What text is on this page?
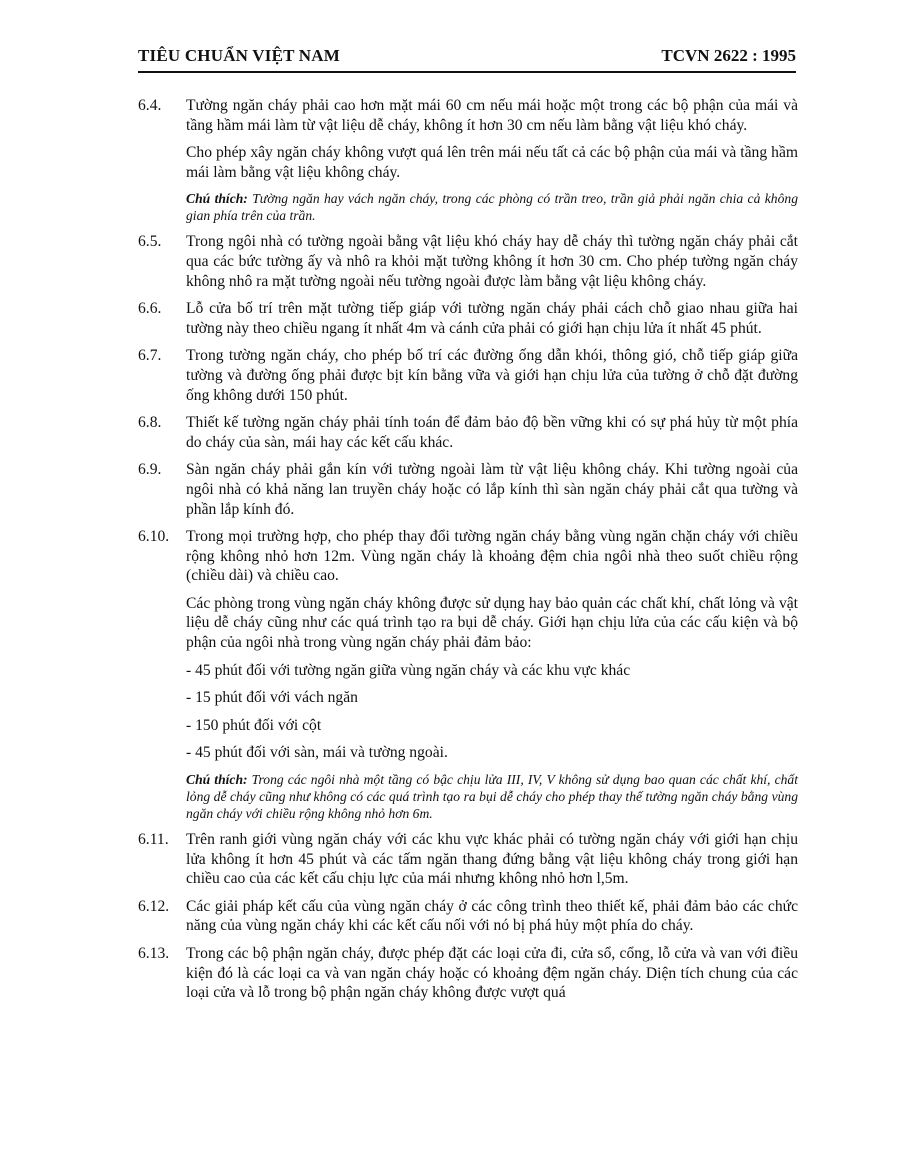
TIÊU CHUẨN VIỆT NAM	TCVN 2622 : 1995
6.4.	Tường ngăn cháy phải cao hơn mặt mái 60 cm nếu mái hoặc một trong các bộ phận của mái và tầng hầm mái làm từ vật liệu dễ cháy, không ít hơn 30 cm nếu làm bằng vật liệu khó cháy.

Cho phép xây ngăn cháy không vượt quá lên trên mái nếu tất cả các bộ phận của mái và tầng hầm mái làm bằng vật liệu không cháy.

Chú thích: Tường ngăn hay vách ngăn cháy, trong các phòng có trần treo, trần giả phải ngăn chia cả không gian phía trên của trần.

6.5.	Trong ngôi nhà có tường ngoài bằng vật liệu khó cháy hay dễ cháy thì tường ngăn cháy phải cắt qua các bức tường ấy và nhô ra khỏi mặt tường không ít hơn 30 cm. Cho phép tường ngăn cháy không nhô ra mặt tường ngoài nếu tường ngoài được làm bằng vật liệu không cháy.

6.6.	Lỗ cửa bố trí trên mặt tường tiếp giáp với tường ngăn cháy phải cách chỗ giao nhau giữa hai tường này theo chiều ngang ít nhất 4m và cánh cửa phải có giới hạn chịu lửa ít nhất 45 phút.

6.7.	Trong tường ngăn cháy, cho phép bố trí các đường ống dẫn khói, thông gió, chỗ tiếp giáp giữa tường và đường ống phải được bịt kín bằng vữa và giới hạn chịu lửa của tường ở chỗ đặt đường ống không dưới 150 phút.

6.8.	Thiết kế tường ngăn cháy phải tính toán để đảm bảo độ bền vững khi có sự phá hủy từ một phía do cháy của sàn, mái hay các kết cấu khác.

6.9.	Sàn ngăn cháy phải gắn kín với tường ngoài làm từ vật liệu không cháy. Khi tường ngoài của ngôi nhà có khả năng lan truyền cháy hoặc có lắp kính thì sàn ngăn cháy phải cắt qua tường và phần lắp kính đó.

6.10.	Trong mọi trường hợp, cho phép thay đổi tường ngăn cháy bằng vùng ngăn chặn cháy với chiều rộng không nhỏ hơn 12m. Vùng ngăn cháy là khoảng đệm chia ngôi nhà theo suốt chiều rộng (chiều dài) và chiều cao.

Các phòng trong vùng ngăn cháy không được sử dụng hay bảo quản các chất khí, chất lỏng và vật liệu dễ cháy cũng như các quá trình tạo ra bụi dễ cháy. Giới hạn chịu lửa của các cấu kiện và bộ phận của ngôi nhà trong vùng ngăn cháy phải đảm bảo:

- 45 phút đối với tường ngăn giữa vùng ngăn cháy và các khu vực khác

- 15 phút đối với vách ngăn

- 150 phút đối với cột

- 45 phút đối với sàn, mái và tường ngoài.

Chú thích: Trong các ngôi nhà một tầng có bậc chịu lửa III, IV, V không sử dụng bao quan các chất khí, chất lỏng dễ cháy cũng như không có các quá trình tạo ra bụi dễ cháy cho phép thay thế tường ngăn cháy bằng vùng ngăn cháy với chiều rộng không nhỏ hơn 6m.

6.11.	Trên ranh giới vùng ngăn cháy với các khu vực khác phải có tường ngăn cháy với giới hạn chịu lửa không ít hơn 45 phút và các tấm ngăn thang đứng bằng vật liệu không cháy trong giới hạn chiều cao của các kết cấu chịu lực của mái nhưng không nhỏ hơn l,5m.

6.12.	Các giải pháp kết cấu của vùng ngăn cháy ở các công trình theo thiết kế, phải đảm bảo các chức năng của vùng ngăn cháy khi các kết cấu nối với nó bị phá hủy một phía do cháy.

6.13.	Trong các bộ phận ngăn cháy, được phép đặt các loại cửa đi, cửa sổ, cổng, lỗ cửa và van với điều kiện đó là các loại ca và van ngăn cháy hoặc có khoảng đệm ngăn cháy. Diện tích chung của các loại cửa và lỗ trong bộ phận ngăn cháy không được vượt quá
